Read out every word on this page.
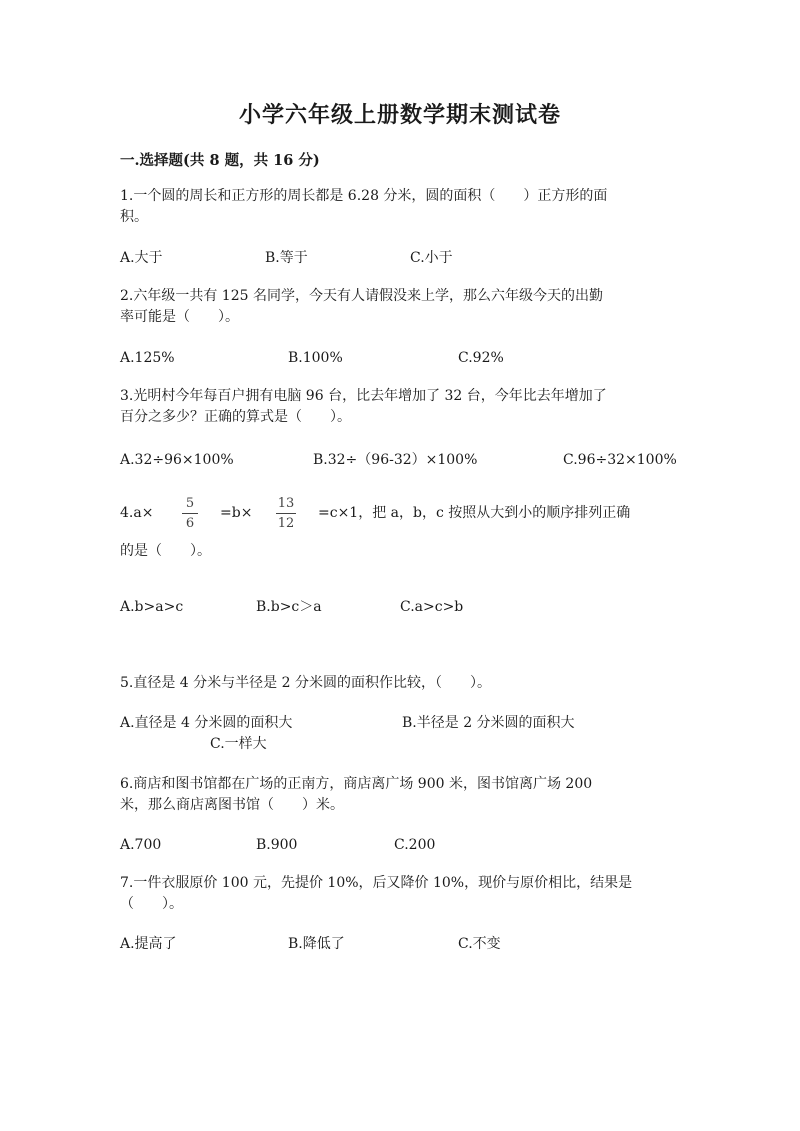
小学六年级上册数学期末测试卷
一.选择题(共 8 题，共 16 分)
1.一个圆的周长和正方形的周长都是 6.28 分米，圆的面积（　　）正方形的面
积。
A.大于	B.等于	C.小于
2.六年级一共有 125 名同学，今天有人请假没来上学，那么六年级今天的出勤
率可能是（　　）。
A.125%	B.100%	C.92%
3.光明村今年每百户拥有电脑 96 台，比去年增加了 32 台，今年比去年增加了
百分之多少？正确的算式是（　　）。
A.32÷96×100%	B.32÷（96-32）×100%	C.96÷32×100%
4.a×
5
6
=b×
13
12
=c×1，把 a，b，c 按照从大到小的顺序排列正确
的是（　　）。
A.b>a>c	B.b>c＞a	C.a>c>b
5.直径是 4 分米与半径是 2 分米圆的面积作比较，（　　）。
A.直径是 4 分米圆的面积大	B.半径是 2 分米圆的面积大
C.一样大
6.商店和图书馆都在广场的正南方，商店离广场 900 米，图书馆离广场 200
米，那么商店离图书馆（　　）米。
A.700	B.900	C.200
7.一件衣服原价 100 元，先提价 10%，后又降价 10%，现价与原价相比，结果是
（　　）。
A.提高了	B.降低了	C.不变
